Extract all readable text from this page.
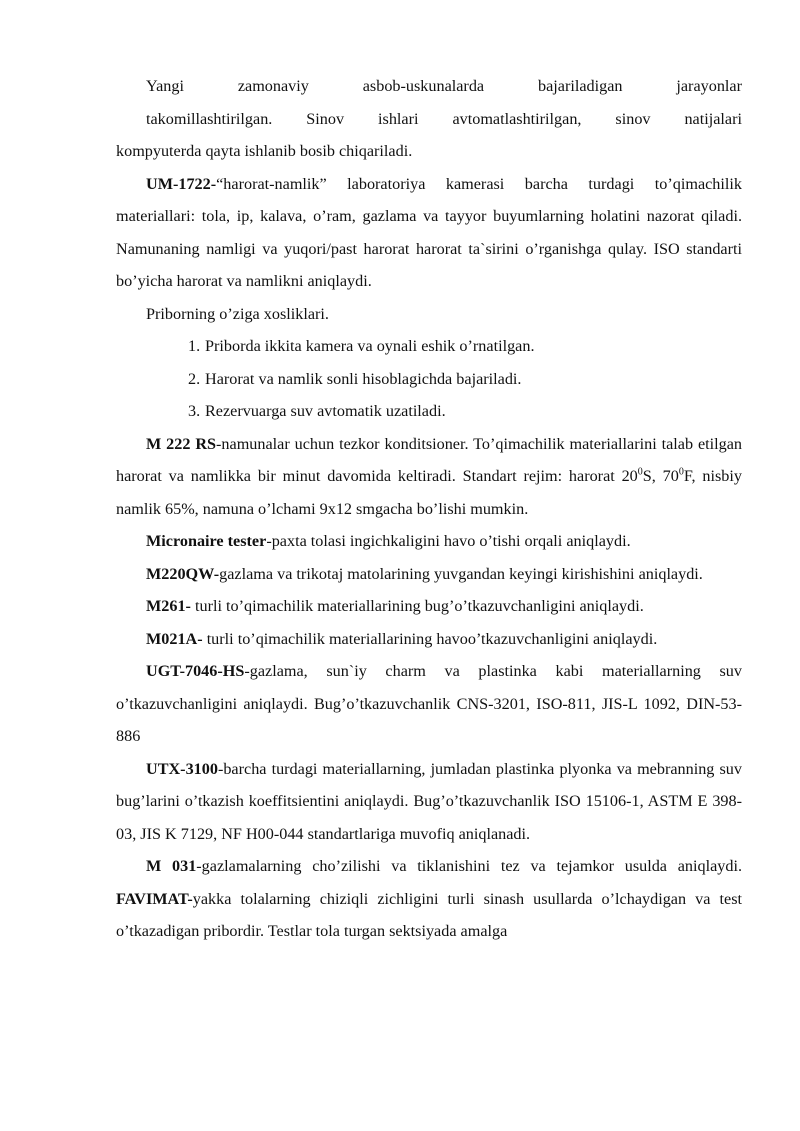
Yangi zamonaviy asbob-uskunalarda bajariladigan jarayonlar

takomillashtirilgan. Sinov ishlari avtomatlashtirilgan, sinov natijalari

kompyuterda qayta ishlanib bosib chiqariladi.

UM-1722-“harorat-namlik” laboratoriya kamerasi barcha turdagi to’qimachilik materiallari: tola, ip, kalava, o’ram, gazlama va tayyor buyumlarning holatini nazorat qiladi. Namunaning namligi va yuqori/past harorat harorat ta`sirini o’rganishga qulay. ISO standarti bo’yicha harorat va namlikni aniqlaydi.

Priborning o’ziga xosliklari.

1. Priborda ikkita kamera va oynali eshik o’rnatilgan.

2. Harorat va namlik sonli hisoblagichda bajariladi.

3. Rezervuarga suv avtomatik uzatiladi.

M 222 RS-namunalar uchun tezkor konditsioner. To’qimachilik materiallarini talab etilgan harorat va namlikka bir minut davomida keltiradi. Standart rejim: harorat $20^0S$, $70^0F$, nisbiy namlik 65%, namuna o’lchami 9x12 smgacha bo’lishi mumkin.

Micronaire tester-paxta tolasi ingichkaligini havo o’tishi orqali aniqlaydi.

M220QW-gazlama va trikotaj matolarining yuvgandan keyingi kirishishini aniqlaydi.

M261- turli to’qimachilik materiallarining bug’o’tkazuvchanligini aniqlaydi.

M021A- turli to’qimachilik materiallarining havoo’tkazuvchanligini aniqlaydi.

UGT-7046-HS-gazlama, sun`iy charm va plastinka kabi materiallarning suv o’tkazuvchanligini aniqlaydi. Bug’o’tkazuvchanlik CNS-3201, ISO-811, JIS-L 1092, DIN-53-886

UTX-3100-barcha turdagi materiallarning, jumladan plastinka plyonka va mebranning suv bug’larini o’tkazish koeffitsientini aniqlaydi. Bug’o’tkazuvchanlik ISO 15106-1, ASTM E 398-03, JIS K 7129, NF H00-044 standartlariga muvofiq aniqlanadi.

M 031-gazlamalarning cho’zilishi va tiklanishini tez va tejamkor usulda aniqlaydi. FAVIMAT-yakka tolalarning chiziqli zichligini turli sinash usullarda o’lchaydigan va test o’tkazadigan pribordir. Testlar tola turgan sektsiyada amalga
